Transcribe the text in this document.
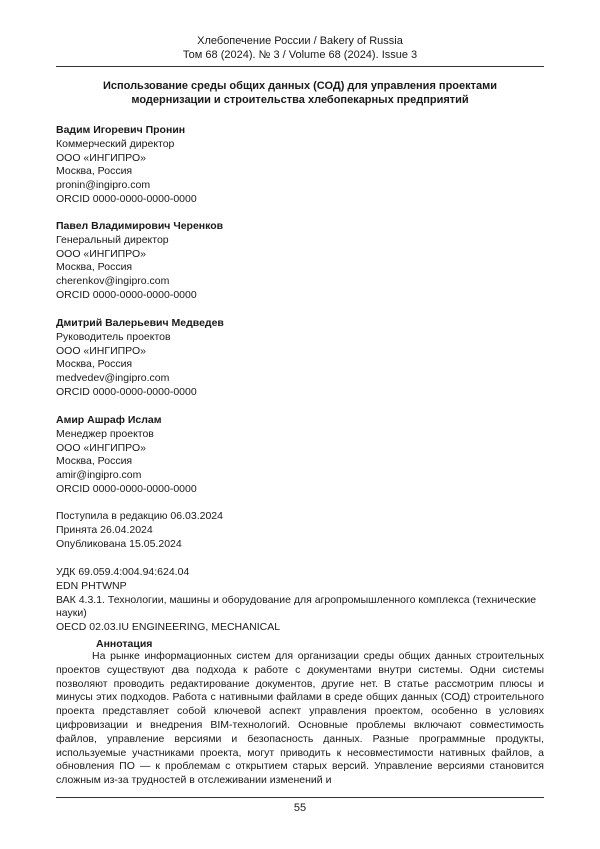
Хлебопечение России / Bakery of Russia
Том 68 (2024). № 3 / Volume 68 (2024). Issue 3
Использование среды общих данных (СОД) для управления проектами модернизации и строительства хлебопекарных предприятий
Вадим Игоревич Пронин
Коммерческий директор
ООО «ИНГИПРО»
Москва, Россия
pronin@ingipro.com
ORCID 0000-0000-0000-0000
Павел Владимирович Черенков
Генеральный директор
ООО «ИНГИПРО»
Москва, Россия
cherenkov@ingipro.com
ORCID 0000-0000-0000-0000
Дмитрий Валерьевич Медведев
Руководитель проектов
ООО «ИНГИПРО»
Москва, Россия
medvedev@ingipro.com
ORCID 0000-0000-0000-0000
Амир Ашраф Ислам
Менеджер проектов
ООО «ИНГИПРО»
Москва, Россия
amir@ingipro.com
ORCID 0000-0000-0000-0000
Поступила в редакцию 06.03.2024
Принята 26.04.2024
Опубликована 15.05.2024
УДК 69.059.4:004.94:624.04
EDN PHTWNP
ВАК 4.3.1. Технологии, машины и оборудование для агропромышленного комплекса (технические науки)
OECD 02.03.IU ENGINEERING, MECHANICAL
Аннотация

На рынке информационных систем для организации среды общих данных строительных проектов существуют два подхода к работе с документами внутри системы. Одни системы позволяют проводить редактирование документов, другие нет. В статье рассмотрим плюсы и минусы этих подходов. Работа с нативными файлами в среде общих данных (СОД) строительного проекта представляет собой ключевой аспект управления проектом, особенно в условиях цифровизации и внедрения BIM-технологий. Основные проблемы включают совместимость файлов, управление версиями и безопасность данных. Разные программные продукты, используемые участниками проекта, могут приводить к несовместимости нативных файлов, а обновления ПО — к проблемам с открытием старых версий. Управление версиями становится сложным из-за трудностей в отслеживании изменений и

55
